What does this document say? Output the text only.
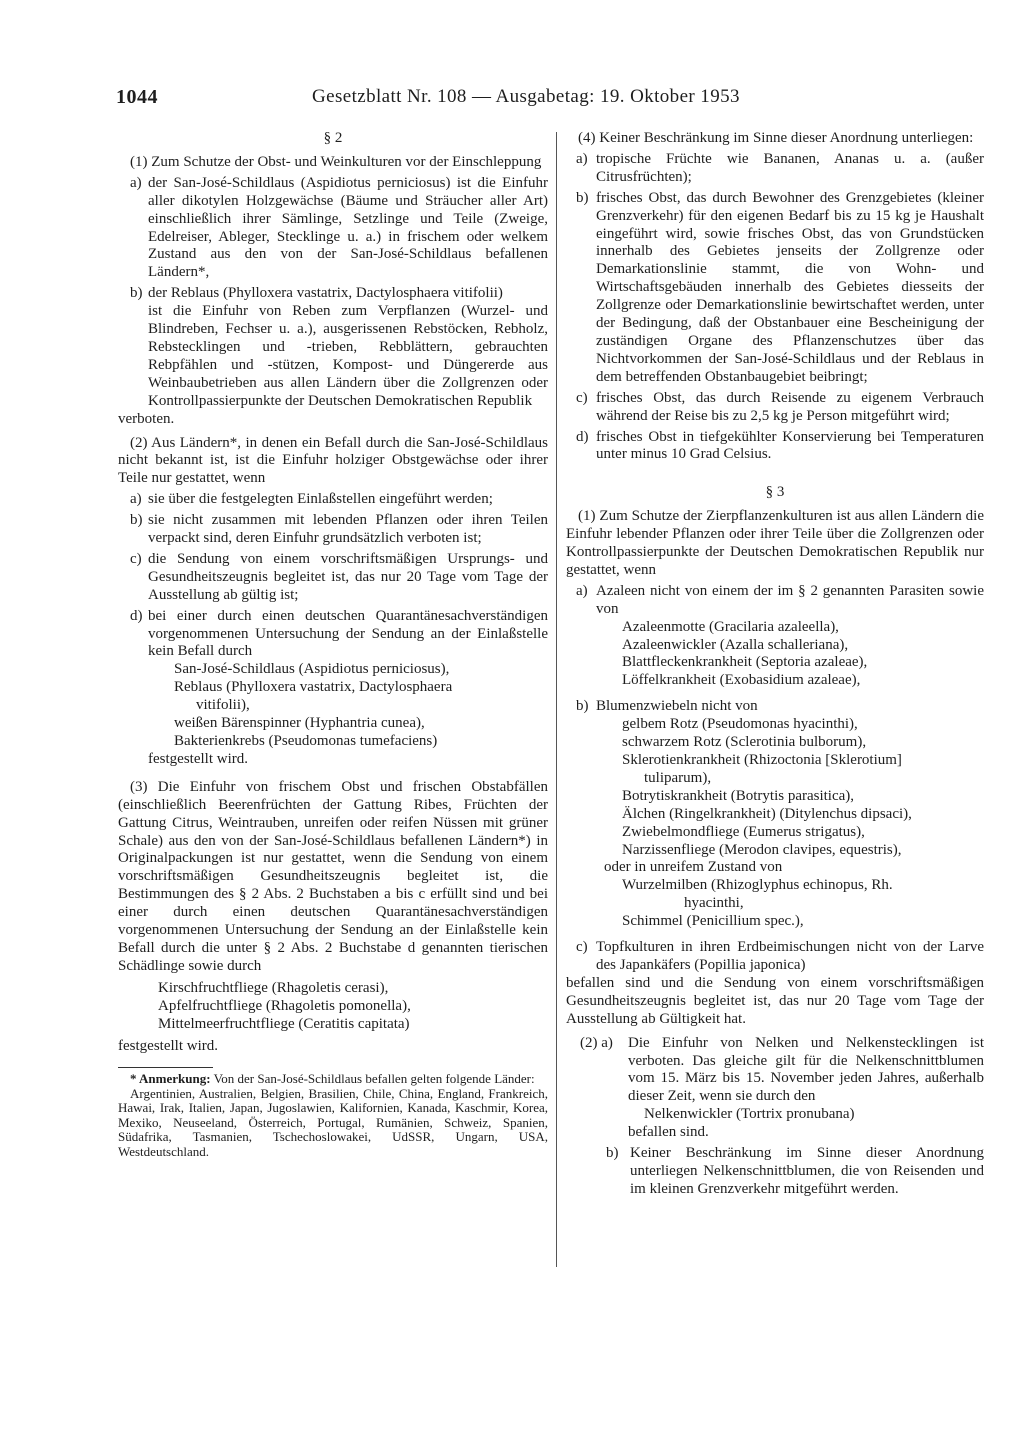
1044	Gesetzblatt Nr. 108 — Ausgabetag: 19. Oktober 1953

§ 2

(1) Zum Schutze der Obst- und Weinkulturen vor der Einschleppung

a) der San-José-Schildlaus (Aspidiotus perniciosus) ist die Einfuhr aller dikotylen Holzgewächse (Bäume und Sträucher aller Art) einschließlich ihrer Sämlinge, Setzlinge und Teile (Zweige, Edelreiser, Ableger, Stecklinge u. a.) in frischem oder welkem Zustand aus den von der San-José-Schildlaus befallenen Ländern*,
b) der Reblaus (Phylloxera vastatrix, Dactylosphaera vitifolii)

ist die Einfuhr von Reben zum Verpflanzen (Wurzel- und Blindreben, Fechser u. a.), ausgerissenen Rebstöcken, Rebholz, Rebstecklingen und -trieben, Rebblättern, gebrauchten Rebpfählen und -stützen, Kompost- und Düngererde aus Weinbaubetrieben aus allen Ländern über die Zollgrenzen oder Kontrollpassierpunkte der Deutschen Demokratischen Republik

verboten.

(2) Aus Ländern*, in denen ein Befall durch die San-José-Schildlaus nicht bekannt ist, ist die Einfuhr holziger Obstgewächse oder ihrer Teile nur gestattet, wenn

a) sie über die festgelegten Einlaßstellen eingeführt werden;
b) sie nicht zusammen mit lebenden Pflanzen oder ihren Teilen verpackt sind, deren Einfuhr grundsätzlich verboten ist;
c) die Sendung von einem vorschriftsmäßigen Ursprungs- und Gesundheitszeugnis begleitet ist, das nur 20 Tage vom Tage der Ausstellung ab gültig ist;
d) bei einer durch einen deutschen Quarantänesachverständigen vorgenommenen Untersuchung der Sendung an der Einlaßstelle kein Befall durch

San-José-Schildlaus (Aspidiotus perniciosus),

Reblaus (Phylloxera vastatrix, Dactylosphaera

vitifolii),

weißen Bärenspinner (Hyphantria cunea),

Bakterienkrebs (Pseudomonas tumefaciens)

festgestellt wird.

(3) Die Einfuhr von frischem Obst und frischen Obstabfällen (einschließlich Beerenfrüchten der Gattung Ribes, Früchten der Gattung Citrus, Weintrauben, unreifen oder reifen Nüssen mit grüner Schale) aus den von der San-José-Schildlaus befallenen Ländern*) in Originalpackungen ist nur gestattet, wenn die Sendung von einem vorschriftsmäßigen Gesundheitszeugnis begleitet ist, die Bestimmungen des § 2 Abs. 2 Buchstaben a bis c erfüllt sind und bei einer durch einen deutschen Quarantänesachverständigen vorgenommenen Untersuchung der Sendung an der Einlaßstelle kein Befall durch die unter § 2 Abs. 2 Buchstabe d genannten tierischen Schädlinge sowie durch

Kirschfruchtfliege (Rhagoletis cerasi),

Apfelfruchtfliege (Rhagoletis pomonella),

Mittelmeerfruchtfliege (Ceratitis capitata)

festgestellt wird.

* Anmerkung: Von der San-José-Schildlaus befallen gelten folgende Länder:

Argentinien, Australien, Belgien, Brasilien, Chile, China, England, Frankreich, Hawai, Irak, Italien, Japan, Jugoslawien, Kalifornien, Kanada, Kaschmir, Korea, Mexiko, Neuseeland, Österreich, Portugal, Rumänien, Schweiz, Spanien, Südafrika, Tasmanien, Tschechoslowakei, UdSSR, Ungarn, USA, Westdeutschland.

(4) Keiner Beschränkung im Sinne dieser Anordnung unterliegen:

a) tropische Früchte wie Bananen, Ananas u. a. (außer Citrusfrüchten);
b) frisches Obst, das durch Bewohner des Grenzgebietes (kleiner Grenzverkehr) für den eigenen Bedarf bis zu 15 kg je Haushalt eingeführt wird, sowie frisches Obst, das von Grundstücken innerhalb des Gebietes jenseits der Zollgrenze oder Demarkationslinie stammt, die von Wohn- und Wirtschaftsgebäuden innerhalb des Gebietes diesseits der Zollgrenze oder Demarkationslinie bewirtschaftet werden, unter der Bedingung, daß der Obstanbauer eine Bescheinigung der zuständigen Organe des Pflanzenschutzes über das Nichtvorkommen der San-José-Schildlaus und der Reblaus in dem betreffenden Obstanbaugebiet beibringt;
c) frisches Obst, das durch Reisende zu eigenem Verbrauch während der Reise bis zu 2,5 kg je Person mitgeführt wird;
d) frisches Obst in tiefgekühlter Konservierung bei Temperaturen unter minus 10 Grad Celsius.

§ 3

(1) Zum Schutze der Zierpflanzenkulturen ist aus allen Ländern die Einfuhr lebender Pflanzen oder ihrer Teile über die Zollgrenzen oder Kontrollpassierpunkte der Deutschen Demokratischen Republik nur gestattet, wenn

a) Azaleen nicht von einem der im § 2 genannten Parasiten sowie von

Azaleenmotte (Gracilaria azaleella),

Azaleenwickler (Azalla schalleriana),

Blattfleckenkrankheit (Septoria azaleae),

Löffelkrankheit (Exobasidium azaleae),

b) Blumenzwiebeln nicht von

gelbem Rotz (Pseudomonas hyacinthi),

schwarzem Rotz (Sclerotinia bulborum),

Sklerotienkrankheit (Rhizoctonia [Sklerotium]

tuliparum),

Botrytiskrankheit (Botrytis parasitica),

Älchen (Ringelkrankheit) (Ditylenchus dipsaci),

Zwiebelmondfliege (Eumerus strigatus),

Narzissenfliege (Merodon clavipes, equestris),

oder in unreifem Zustand von

Wurzelmilben (Rhizoglyphus echinopus, Rh.

hyacinthi,

Schimmel (Penicillium spec.),

c) Topfkulturen in ihren Erdbeimischungen nicht von der Larve des Japankäfers (Popillia japonica)

befallen sind und die Sendung von einem vorschriftsmäßigen Gesundheitszeugnis begleitet ist, das nur 20 Tage vom Tage der Ausstellung ab Gültigkeit hat.

(2) a) Die Einfuhr von Nelken und Nelkenstecklingen ist verboten. Das gleiche gilt für die Nelkenschnittblumen vom 15. März bis 15. November jeden Jahres, außerhalb dieser Zeit, wenn sie durch den

Nelkenwickler (Tortrix pronubana)

befallen sind.

b) Keiner Beschränkung im Sinne dieser Anordnung unterliegen Nelkenschnittblumen, die von Reisenden und im kleinen Grenzverkehr mitgeführt werden.
